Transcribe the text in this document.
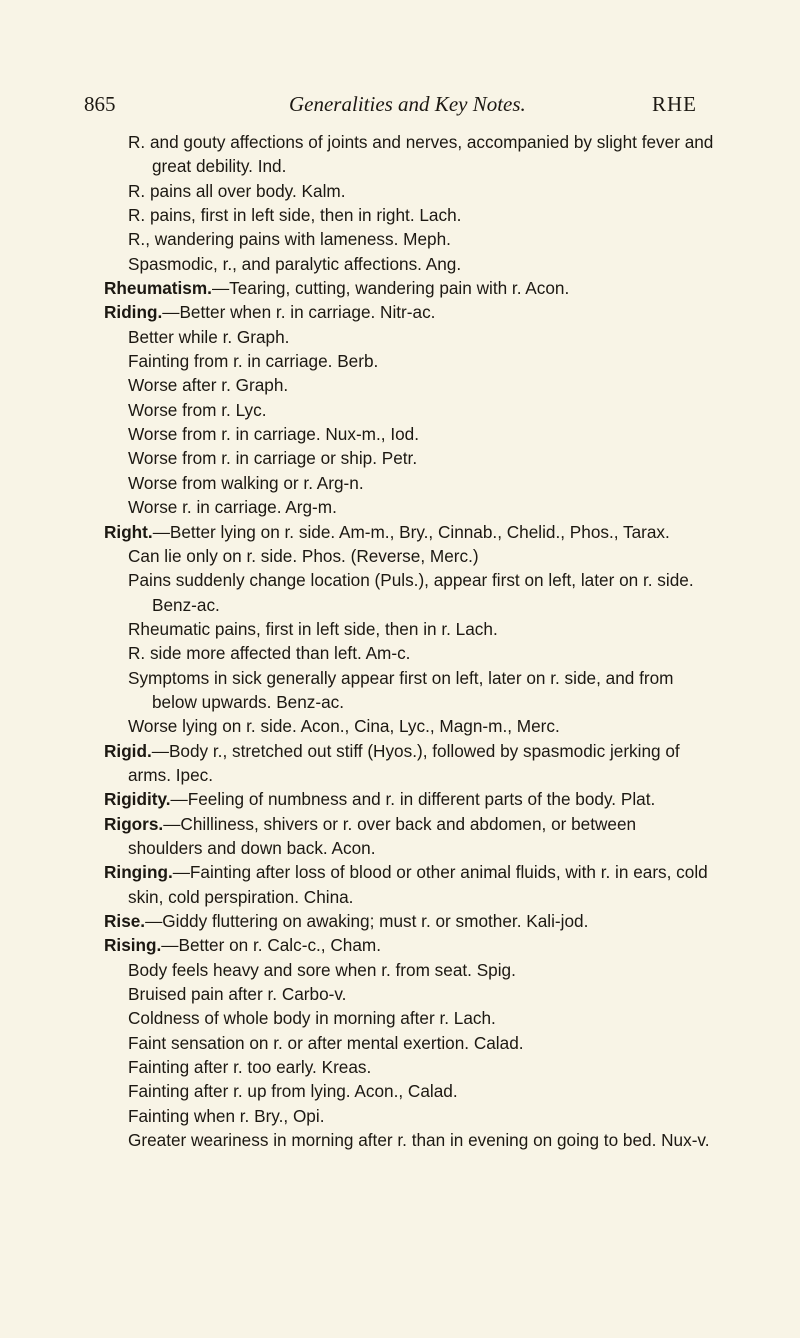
865	Generalities and Key Notes.	RHE
R. and gouty affections of joints and nerves, accompanied by slight fever and great debility. Ind.
R. pains all over body. Kalm.
R. pains, first in left side, then in right. Lach.
R., wandering pains with lameness. Meph.
Spasmodic, r., and paralytic affections. Ang.
Rheumatism.—Tearing, cutting, wandering pain with r. Acon.
Riding.—Better when r. in carriage. Nitr-ac.
Better while r. Graph.
Fainting from r. in carriage. Berb.
Worse after r. Graph.
Worse from r. Lyc.
Worse from r. in carriage. Nux-m., Iod.
Worse from r. in carriage or ship. Petr.
Worse from walking or r. Arg-n.
Worse r. in carriage. Arg-m.
Right.—Better lying on r. side. Am-m., Bry., Cinnab., Chelid., Phos., Tarax.
Can lie only on r. side. Phos. (Reverse, Merc.)
Pains suddenly change location (Puls.), appear first on left, later on r. side. Benz-ac.
Rheumatic pains, first in left side, then in r. Lach.
R. side more affected than left. Am-c.
Symptoms in sick generally appear first on left, later on r. side, and from below upwards. Benz-ac.
Worse lying on r. side. Acon., Cina, Lyc., Magn-m., Merc.
Rigid.—Body r., stretched out stiff (Hyos.), followed by spasmodic jerking of arms. Ipec.
Rigidity.—Feeling of numbness and r. in different parts of the body. Plat.
Rigors.—Chilliness, shivers or r. over back and abdomen, or between shoulders and down back. Acon.
Ringing.—Fainting after loss of blood or other animal fluids, with r. in ears, cold skin, cold perspiration. China.
Rise.—Giddy fluttering on awaking; must r. or smother. Kali-jod.
Rising.—Better on r. Calc-c., Cham.
Body feels heavy and sore when r. from seat. Spig.
Bruised pain after r. Carbo-v.
Coldness of whole body in morning after r. Lach.
Faint sensation on r. or after mental exertion. Calad.
Fainting after r. too early. Kreas.
Fainting after r. up from lying. Acon., Calad.
Fainting when r. Bry., Opi.
Greater weariness in morning after r. than in evening on going to bed. Nux-v.
